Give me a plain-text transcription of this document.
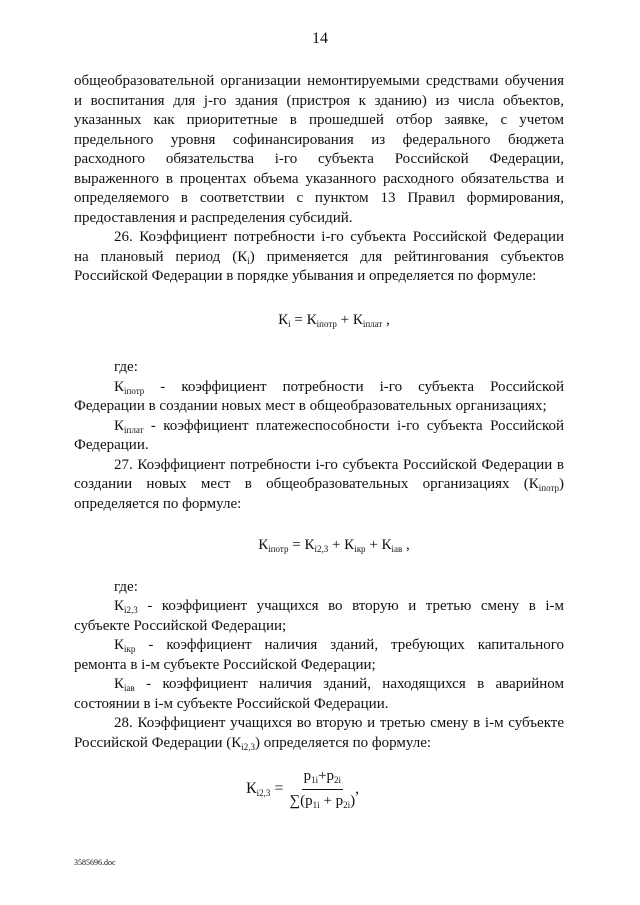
14

общеобразовательной организации немонтируемыми средствами обучения и воспитания для j-го здания (пристроя к зданию) из числа объектов, указанных как приоритетные в прошедшей отбор заявке, с учетом предельного уровня софинансирования из федерального бюджета расходного обязательства i-го субъекта Российской Федерации, выраженного в процентах объема указанного расходного обязательства и определяемого в соответствии с пунктом 13 Правил формирования, предоставления и распределения субсидий.

26. Коэффициент потребности i-го субъекта Российской Федерации на плановый период $(К_i)$ применяется для рейтингования субъектов Российской Федерации в порядке убывания и определяется по формуле:

$К_i = К_{iпотр} + К_{iплат}$ ,

где:

$К_{iпотр}$ - коэффициент потребности i-го субъекта Российской Федерации в создании новых мест в общеобразовательных организациях;

$К_{iплат}$ - коэффициент платежеспособности i-го субъекта Российской Федерации.

27. Коэффициент потребности i-го субъекта Российской Федерации в создании новых мест в общеобразовательных организациях $(К_{iпотр})$ определяется по формуле:

$К_{iпотр} = К_{i2,3} + К_{iкр} + К_{iав}$ ,

где:

$К_{i2,3}$ - коэффициент учащихся во вторую и третью смену в i-м субъекте Российской Федерации;

$К_{iкр}$ - коэффициент наличия зданий, требующих капитального ремонта в i-м субъекте Российской Федерации;

$К_{iав}$ - коэффициент наличия зданий, находящихся в аварийном состоянии в i-м субъекте Российской Федерации.

28. Коэффициент учащихся во вторую и третью смену в i-м субъекте Российской Федерации $(К_{i2,3})$ определяется по формуле:

$К_{i2,3} = \frac{p_{1i}+p_{2i}}{\sum(p_{1i} + p_{2i})}$ ,
3585696.doc
